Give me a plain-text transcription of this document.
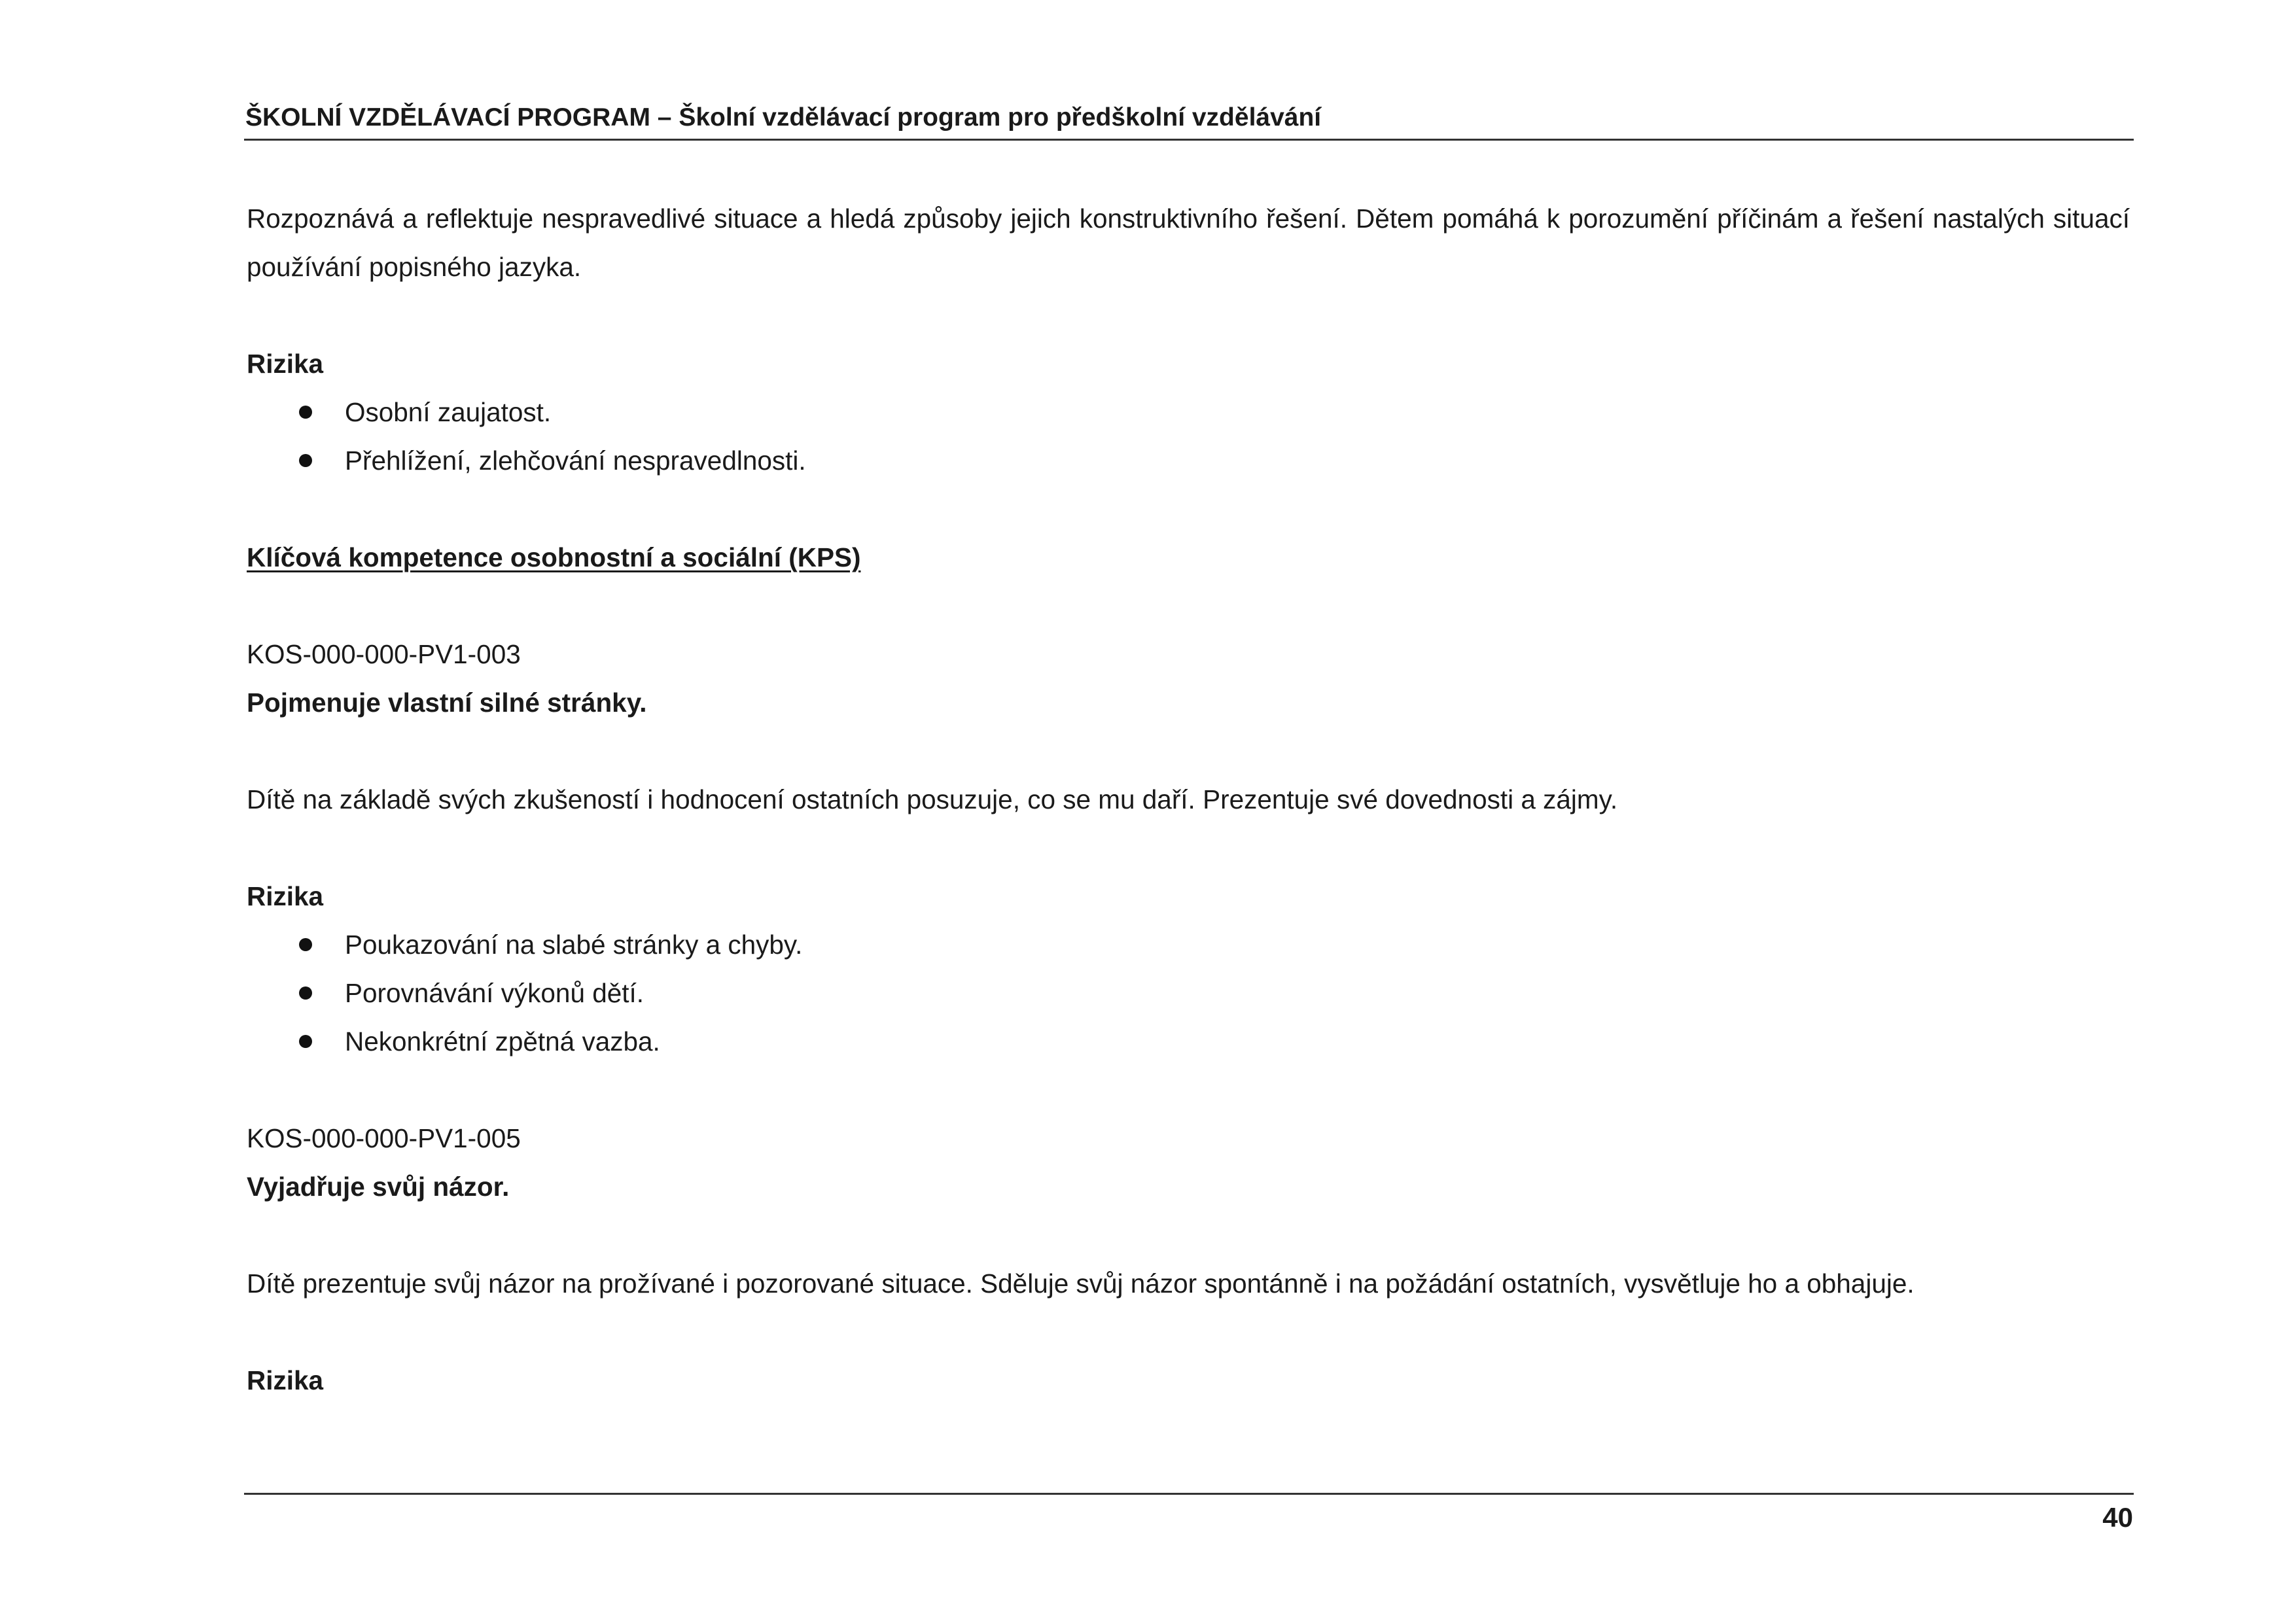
ŠKOLNÍ VZDĚLÁVACÍ PROGRAM – Školní vzdělávací program pro předškolní vzdělávání

Rozpoznává a reflektuje nespravedlivé situace a hledá způsoby jejich konstruktivního řešení. Dětem pomáhá k porozumění příčinám a řešení nastalých situací používání popisného jazyka.

Rizika
Osobní zaujatost.
Přehlížení, zlehčování nespravedlnosti.
Klíčová kompetence osobnostní a sociální (KPS)
KOS-000-000-PV1-003
Pojmenuje vlastní silné stránky.

Dítě na základě svých zkušeností i hodnocení ostatních posuzuje, co se mu daří. Prezentuje své dovednosti a zájmy.

Rizika
Poukazování na slabé stránky a chyby.
Porovnávání výkonů dětí.
Nekonkrétní zpětná vazba.
KOS-000-000-PV1-005
Vyjadřuje svůj názor.

Dítě prezentuje svůj názor na prožívané i pozorované situace. Sděluje svůj názor spontánně i na požádání ostatních, vysvětluje ho a obhajuje.

Rizika
40
